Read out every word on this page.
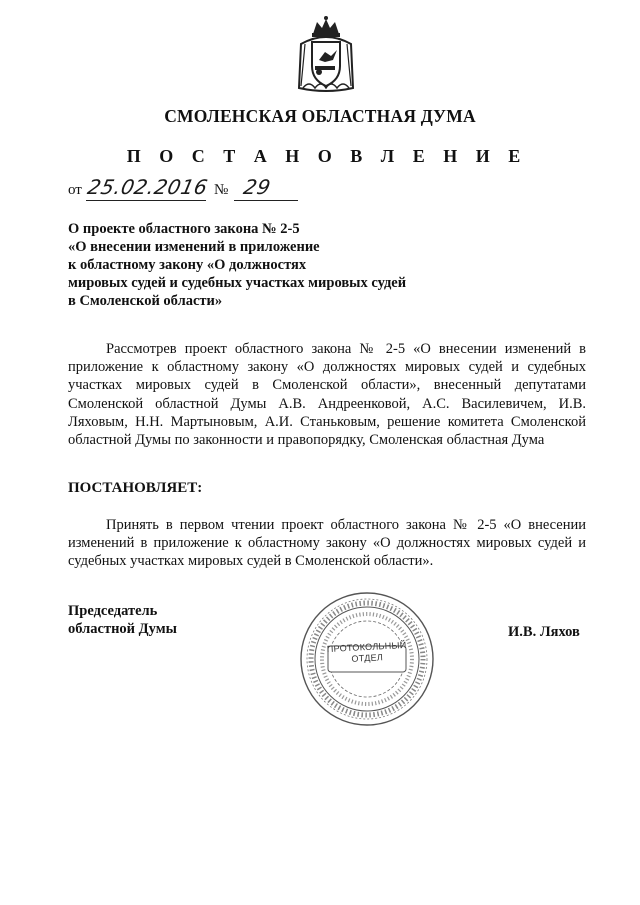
СМОЛЕНСКАЯ ОБЛАСТНАЯ ДУМА
П О С Т А Н О В Л Е Н И Е
от 25.02.2016 № 29
О проекте областного закона № 2-5
«О внесении изменений в приложение
к областному закону «О должностях
мировых судей и судебных участках мировых судей
в Смоленской области»
Рассмотрев проект областного закона № 2-5 «О внесении изменений в приложение к областному закону «О должностях мировых судей и судебных участках мировых судей в Смоленской области», внесенный депутатами Смоленской областной Думы А.В. Андреенковой, А.С. Василевичем, И.В. Ляховым, Н.Н. Мартыновым, А.И. Станьковым, решение комитета Смоленской областной Думы по законности и правопорядку, Смоленская областная Дума
ПОСТАНОВЛЯЕТ:
Принять в первом чтении проект областного закона № 2-5 «О внесении изменений в приложение к областному закону «О должностях мировых судей и судебных участках мировых судей в Смоленской области».
Председатель
областной Думы
ПРОТОКОЛЬНЫЙ
ОТДЕЛ
И.В. Ляхов
